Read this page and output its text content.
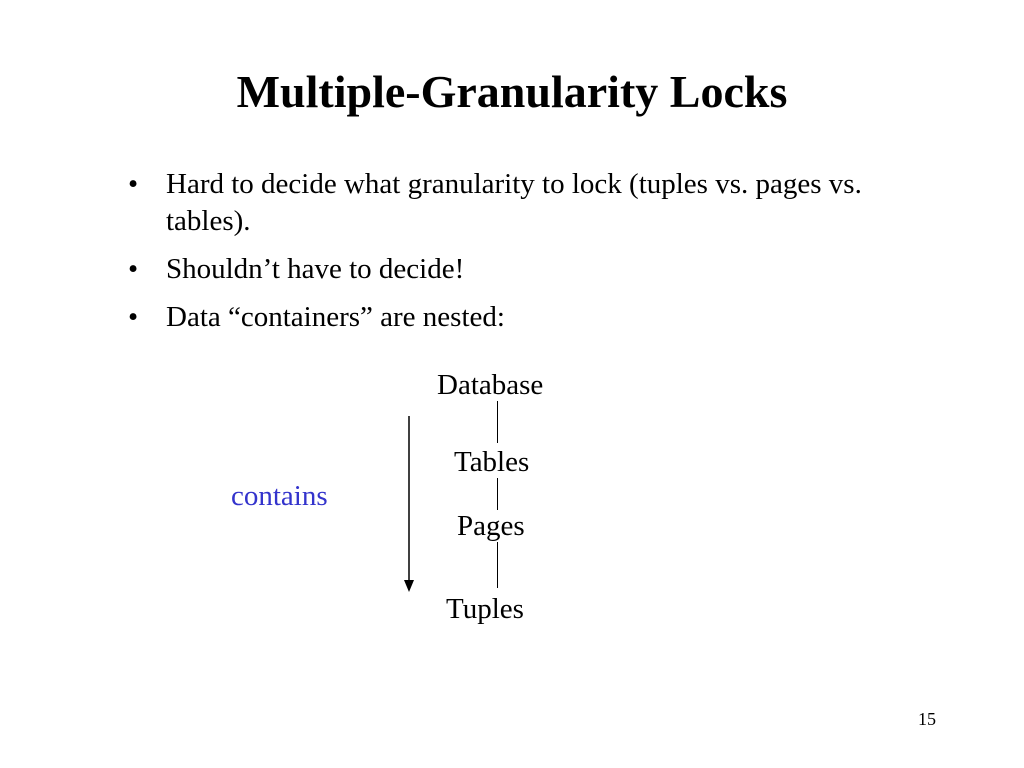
Multiple-Granularity Locks
• Hard to decide what granularity to lock (tuples vs. pages vs. tables).
• Shouldn’t have to decide!
• Data “containers” are nested:
Database
Tables
Pages
Tuples
contains
15
